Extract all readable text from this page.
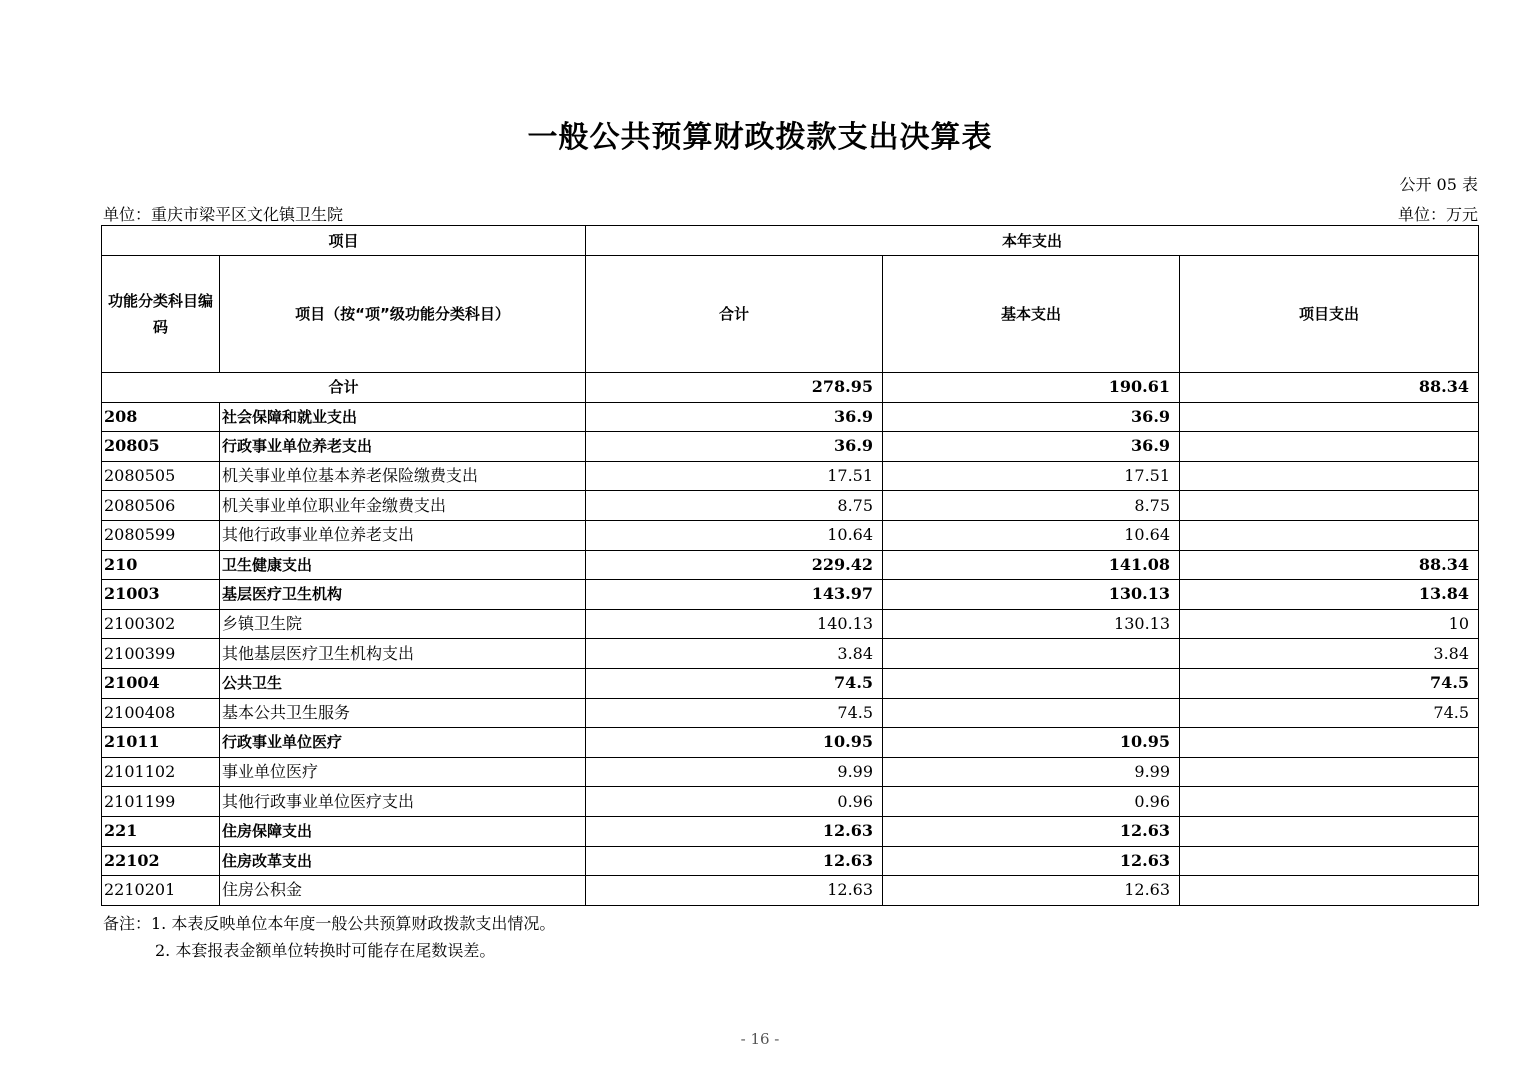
一般公共预算财政拨款支出决算表
公开 05 表
单位：重庆市梁平区文化镇卫生院	单位：万元
项目		本年支出		
功能分类科目编码	项目（按“项”级功能分类科目）	合计	基本支出	项目支出
合计		278.95	190.61	88.34
208	社会保障和就业支出	36.9	36.9	
20805	行政事业单位养老支出	36.9	36.9	
2080505	机关事业单位基本养老保险缴费支出	17.51	17.51	
2080506	机关事业单位职业年金缴费支出	8.75	8.75	
2080599	其他行政事业单位养老支出	10.64	10.64	
210	卫生健康支出	229.42	141.08	88.34
21003	基层医疗卫生机构	143.97	130.13	13.84
2100302	乡镇卫生院	140.13	130.13	10
2100399	其他基层医疗卫生机构支出	3.84		3.84
21004	公共卫生	74.5		74.5
2100408	基本公共卫生服务	74.5		74.5
21011	行政事业单位医疗	10.95	10.95	
2101102	事业单位医疗	9.99	9.99	
2101199	其他行政事业单位医疗支出	0.96	0.96	
221	住房保障支出	12.63	12.63	
22102	住房改革支出	12.63	12.63	
2210201	住房公积金	12.63	12.63	
备注：1. 本表反映单位本年度一般公共预算财政拨款支出情况。
2. 本套报表金额单位转换时可能存在尾数误差。
- 16 -
